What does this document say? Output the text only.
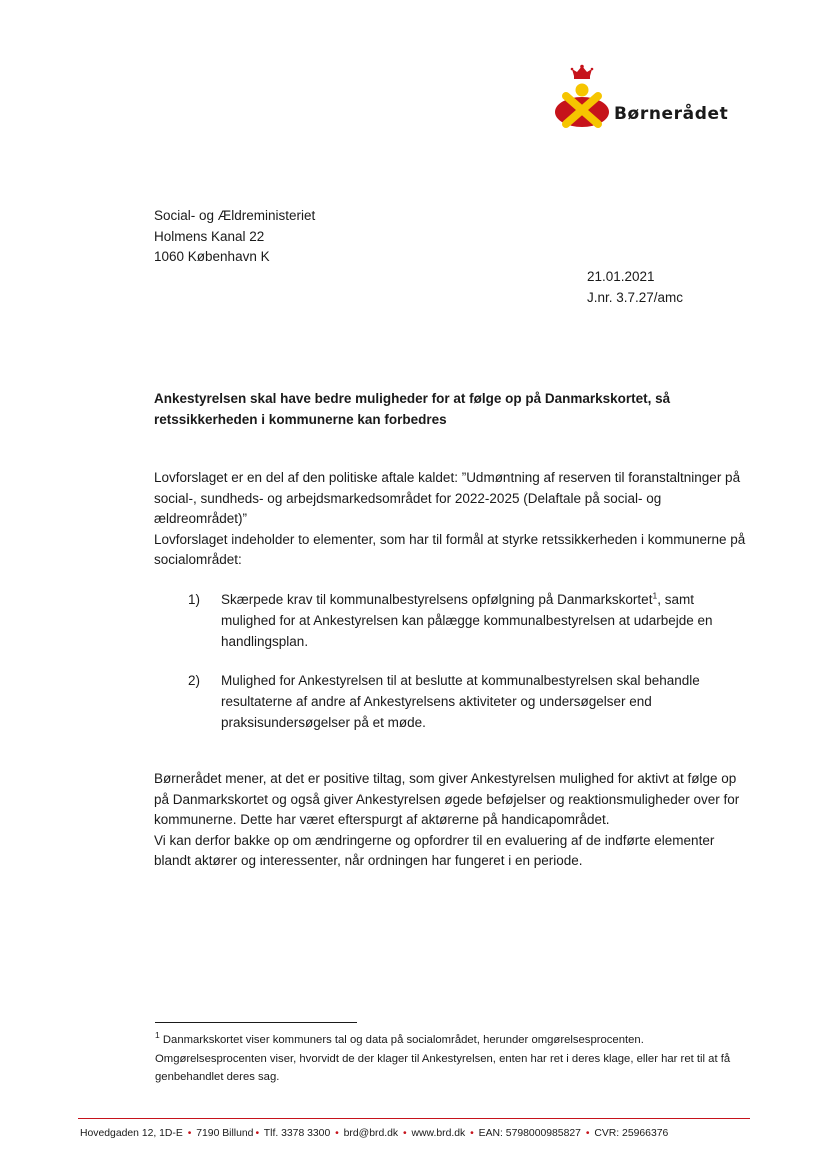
Børnerådet
Social- og Ældreministeriet
Holmens Kanal 22
1060 København K
21.01.2021
J.nr. 3.7.27/amc
Ankestyrelsen skal have bedre muligheder for at følge op på Danmarkskortet, så retssikkerheden i kommunerne kan forbedres

Lovforslaget er en del af den politiske aftale kaldet: ”Udmøntning af reserven til foranstaltninger på social-, sundheds- og arbejdsmarkedsområdet for 2022-2025 (Delaftale på social- og ældreområdet)”

Lovforslaget indeholder to elementer, som har til formål at styrke retssikkerheden i kommunerne på socialområdet:

1)	Skærpede krav til kommunalbestyrelsens opfølgning på Danmarkskortet$^1$, samt mulighed for at Ankestyrelsen kan pålægge kommunalbestyrelsen at udarbejde en handlingsplan.
2)	Mulighed for Ankestyrelsen til at beslutte at kommunalbestyrelsen skal behandle resultaterne af andre af Ankestyrelsens aktiviteter og undersøgelser end praksisundersøgelser på et møde.

Børnerådet mener, at det er positive tiltag, som giver Ankestyrelsen mulighed for aktivt at følge op på Danmarkskortet og også giver Ankestyrelsen øgede beføjelser og reaktionsmuligheder over for kommunerne. Dette har været efterspurgt af aktørerne på handicapområdet.

Vi kan derfor bakke op om ændringerne og opfordrer til en evaluering af de indførte elementer blandt aktører og interessenter, når ordningen har fungeret i en periode.

$^1$ Danmarkskortet viser kommuners tal og data på socialområdet, herunder omgørelsesprocenten. Omgørelsesprocenten viser, hvorvidt de der klager til Ankestyrelsen, enten har ret i deres klage, eller har ret til at få genbehandlet deres sag.

Hovedgaden 12, 1D-E • 7190 Billund • Tlf. 3378 3300 • brd@brd.dk • www.brd.dk • EAN: 5798000985827 • CVR: 25966376
